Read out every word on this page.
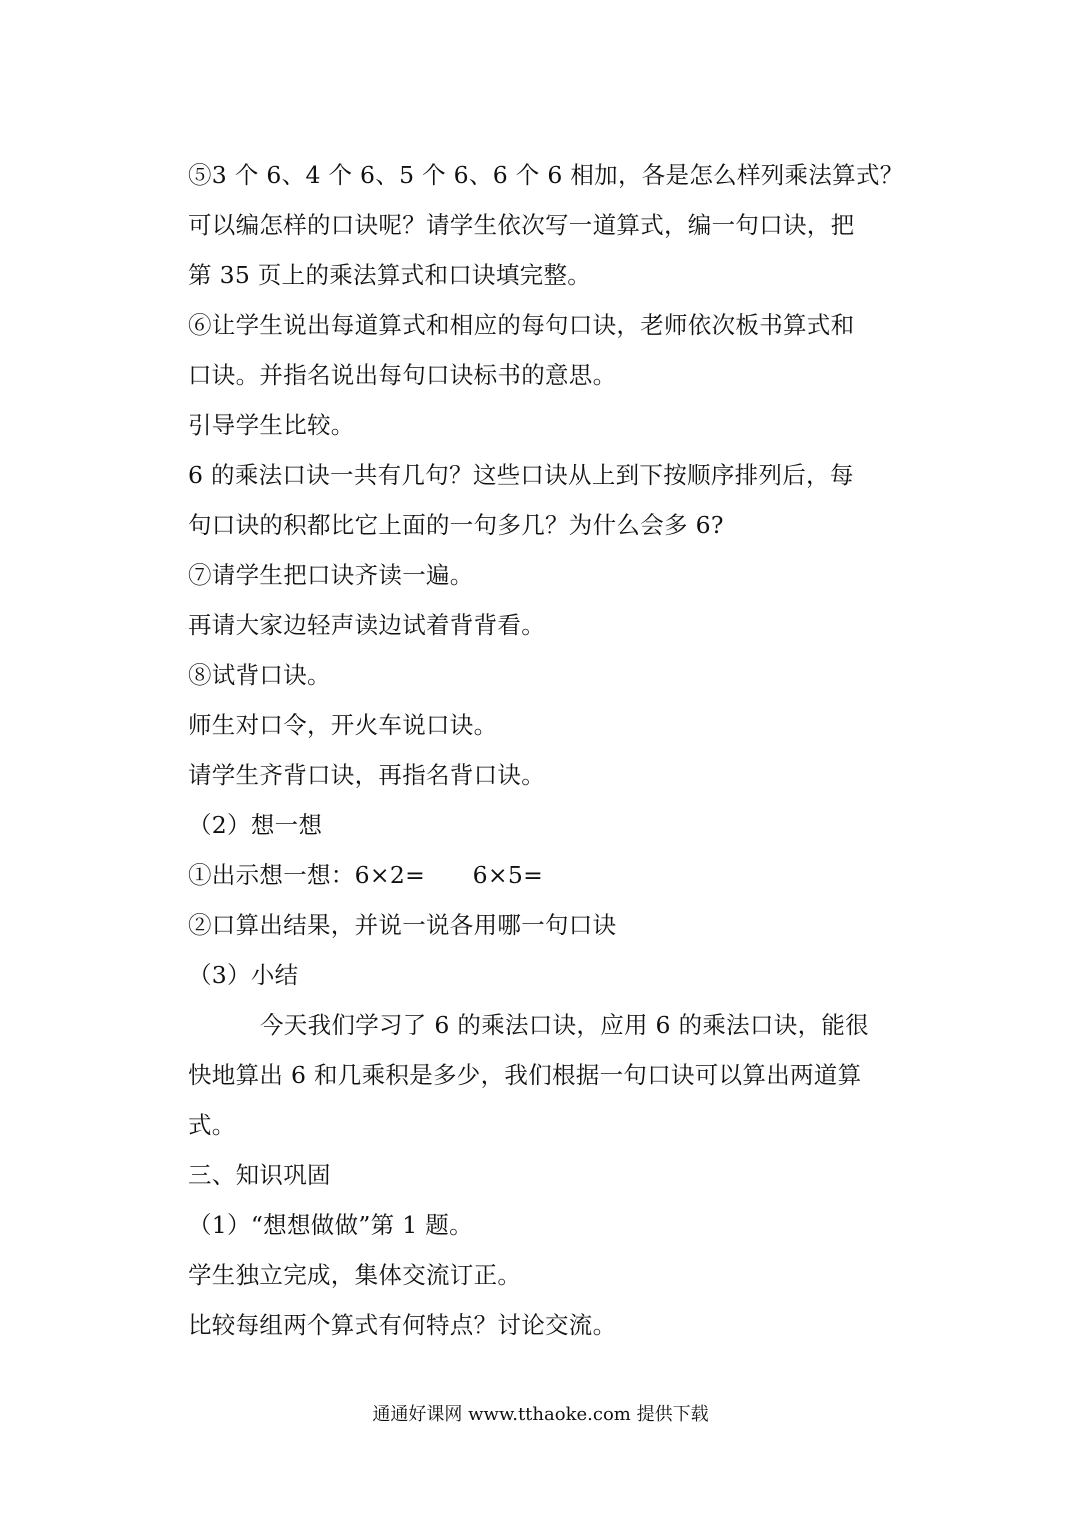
⑤3 个 6、4 个 6、5 个 6、6 个 6 相加，各是怎么样列乘法算式？
可以编怎样的口诀呢？请学生依次写一道算式，编一句口诀，把
第 35 页上的乘法算式和口诀填完整。
⑥让学生说出每道算式和相应的每句口诀，老师依次板书算式和
口诀。并指名说出每句口诀标书的意思。
引导学生比较。
6 的乘法口诀一共有几句？这些口诀从上到下按顺序排列后，每
句口诀的积都比它上面的一句多几？为什么会多 6?
⑦请学生把口诀齐读一遍。
再请大家边轻声读边试着背背看。
⑧试背口诀。
师生对口令，开火车说口诀。
请学生齐背口诀，再指名背口诀。
（2）想一想
①出示想一想：6×2=　　6×5=
②口算出结果，并说一说各用哪一句口诀
（3）小结
今天我们学习了 6 的乘法口诀，应用 6 的乘法口诀，能很
快地算出 6 和几乘积是多少，我们根据一句口诀可以算出两道算
式。
三、知识巩固
（1）“想想做做”第 1 题。
学生独立完成，集体交流订正。
比较每组两个算式有何特点？讨论交流。
通通好课网 www.tthaoke.com 提供下载
